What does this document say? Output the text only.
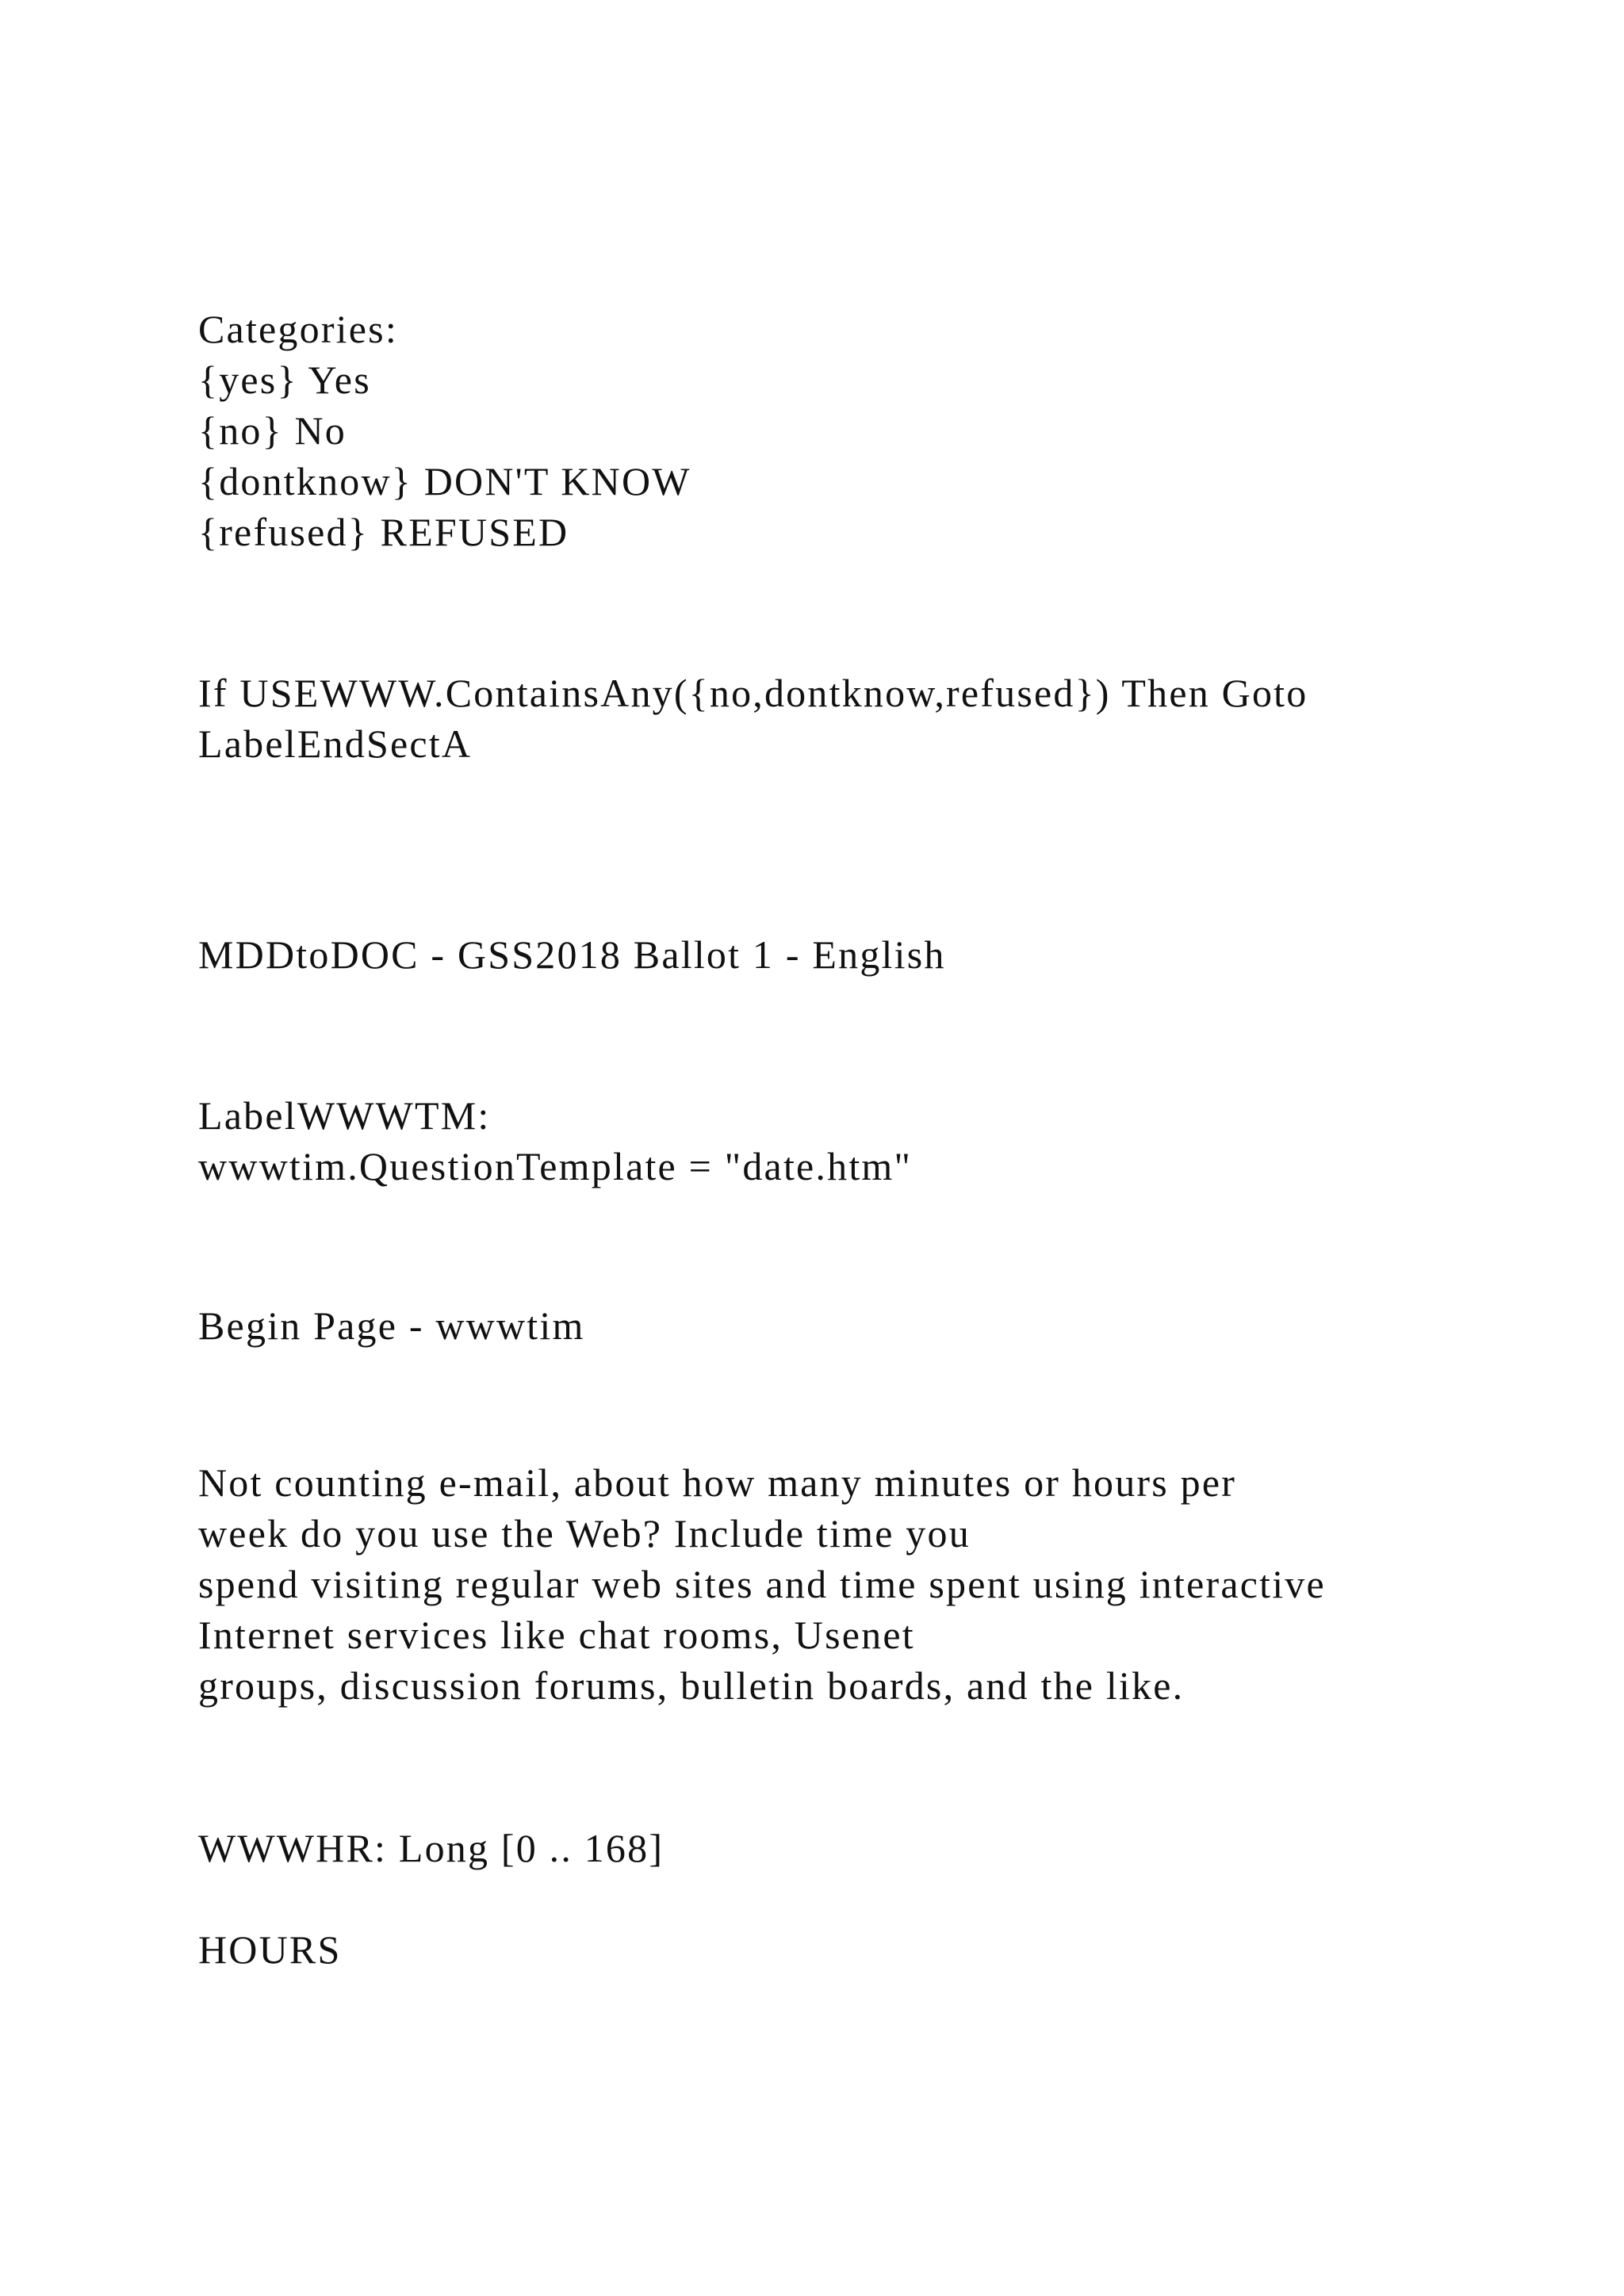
Categories:

{yes} Yes

{no} No

{dontknow} DON'T KNOW

{refused} REFUSED

If USEWWW.ContainsAny({no,dontknow,refused}) Then Goto

LabelEndSectA

MDDtoDOC - GSS2018 Ballot 1 - English

LabelWWWTM:

wwwtim.QuestionTemplate = "date.htm"

Begin Page - wwwtim

Not counting e-mail, about how many minutes or hours per

week do you use the Web? Include time you

spend visiting regular web sites and time spent using interactive

Internet services like chat rooms, Usenet

groups, discussion forums, bulletin boards, and the like.

WWWHR: Long [0 .. 168]

HOURS
